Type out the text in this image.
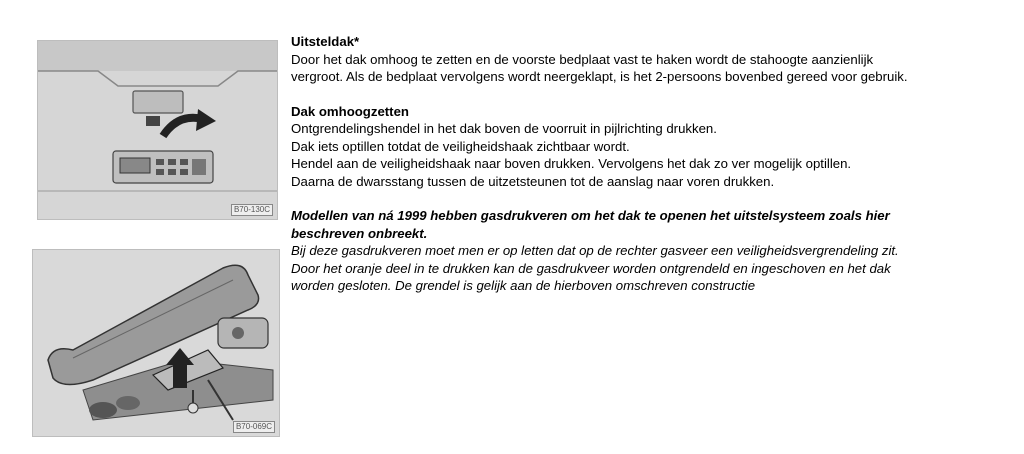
B70-130C
B70-069C

Uitsteldak*

Door het dak omhoog te zetten en de voorste bedplaat vast te haken wordt de stahoogte aanzienlijk

vergroot. Als de bedplaat vervolgens wordt neergeklapt, is het 2-persoons bovenbed gereed voor gebruik.

Dak omhoogzetten

Ontgrendelingshendel in het dak boven de voorruit in pijlrichting drukken.

Dak iets optillen totdat de veiligheidshaak zichtbaar wordt.

Hendel aan de veiligheidshaak naar boven drukken. Vervolgens het dak zo ver mogelijk optillen.

Daarna de dwarsstang tussen de uitzetsteunen tot de aanslag naar voren drukken.

Modellen van ná 1999 hebben gasdrukveren om het dak te openen het uitstelsysteem zoals hier

beschreven onbreekt.

Bij deze gasdrukveren moet men er op letten dat op de rechter gasveer een veiligheidsvergrendeling zit.

Door het oranje deel in te drukken kan de gasdrukveer worden ontgrendeld en ingeschoven en het dak

worden gesloten. De grendel is gelijk aan de hierboven omschreven constructie
